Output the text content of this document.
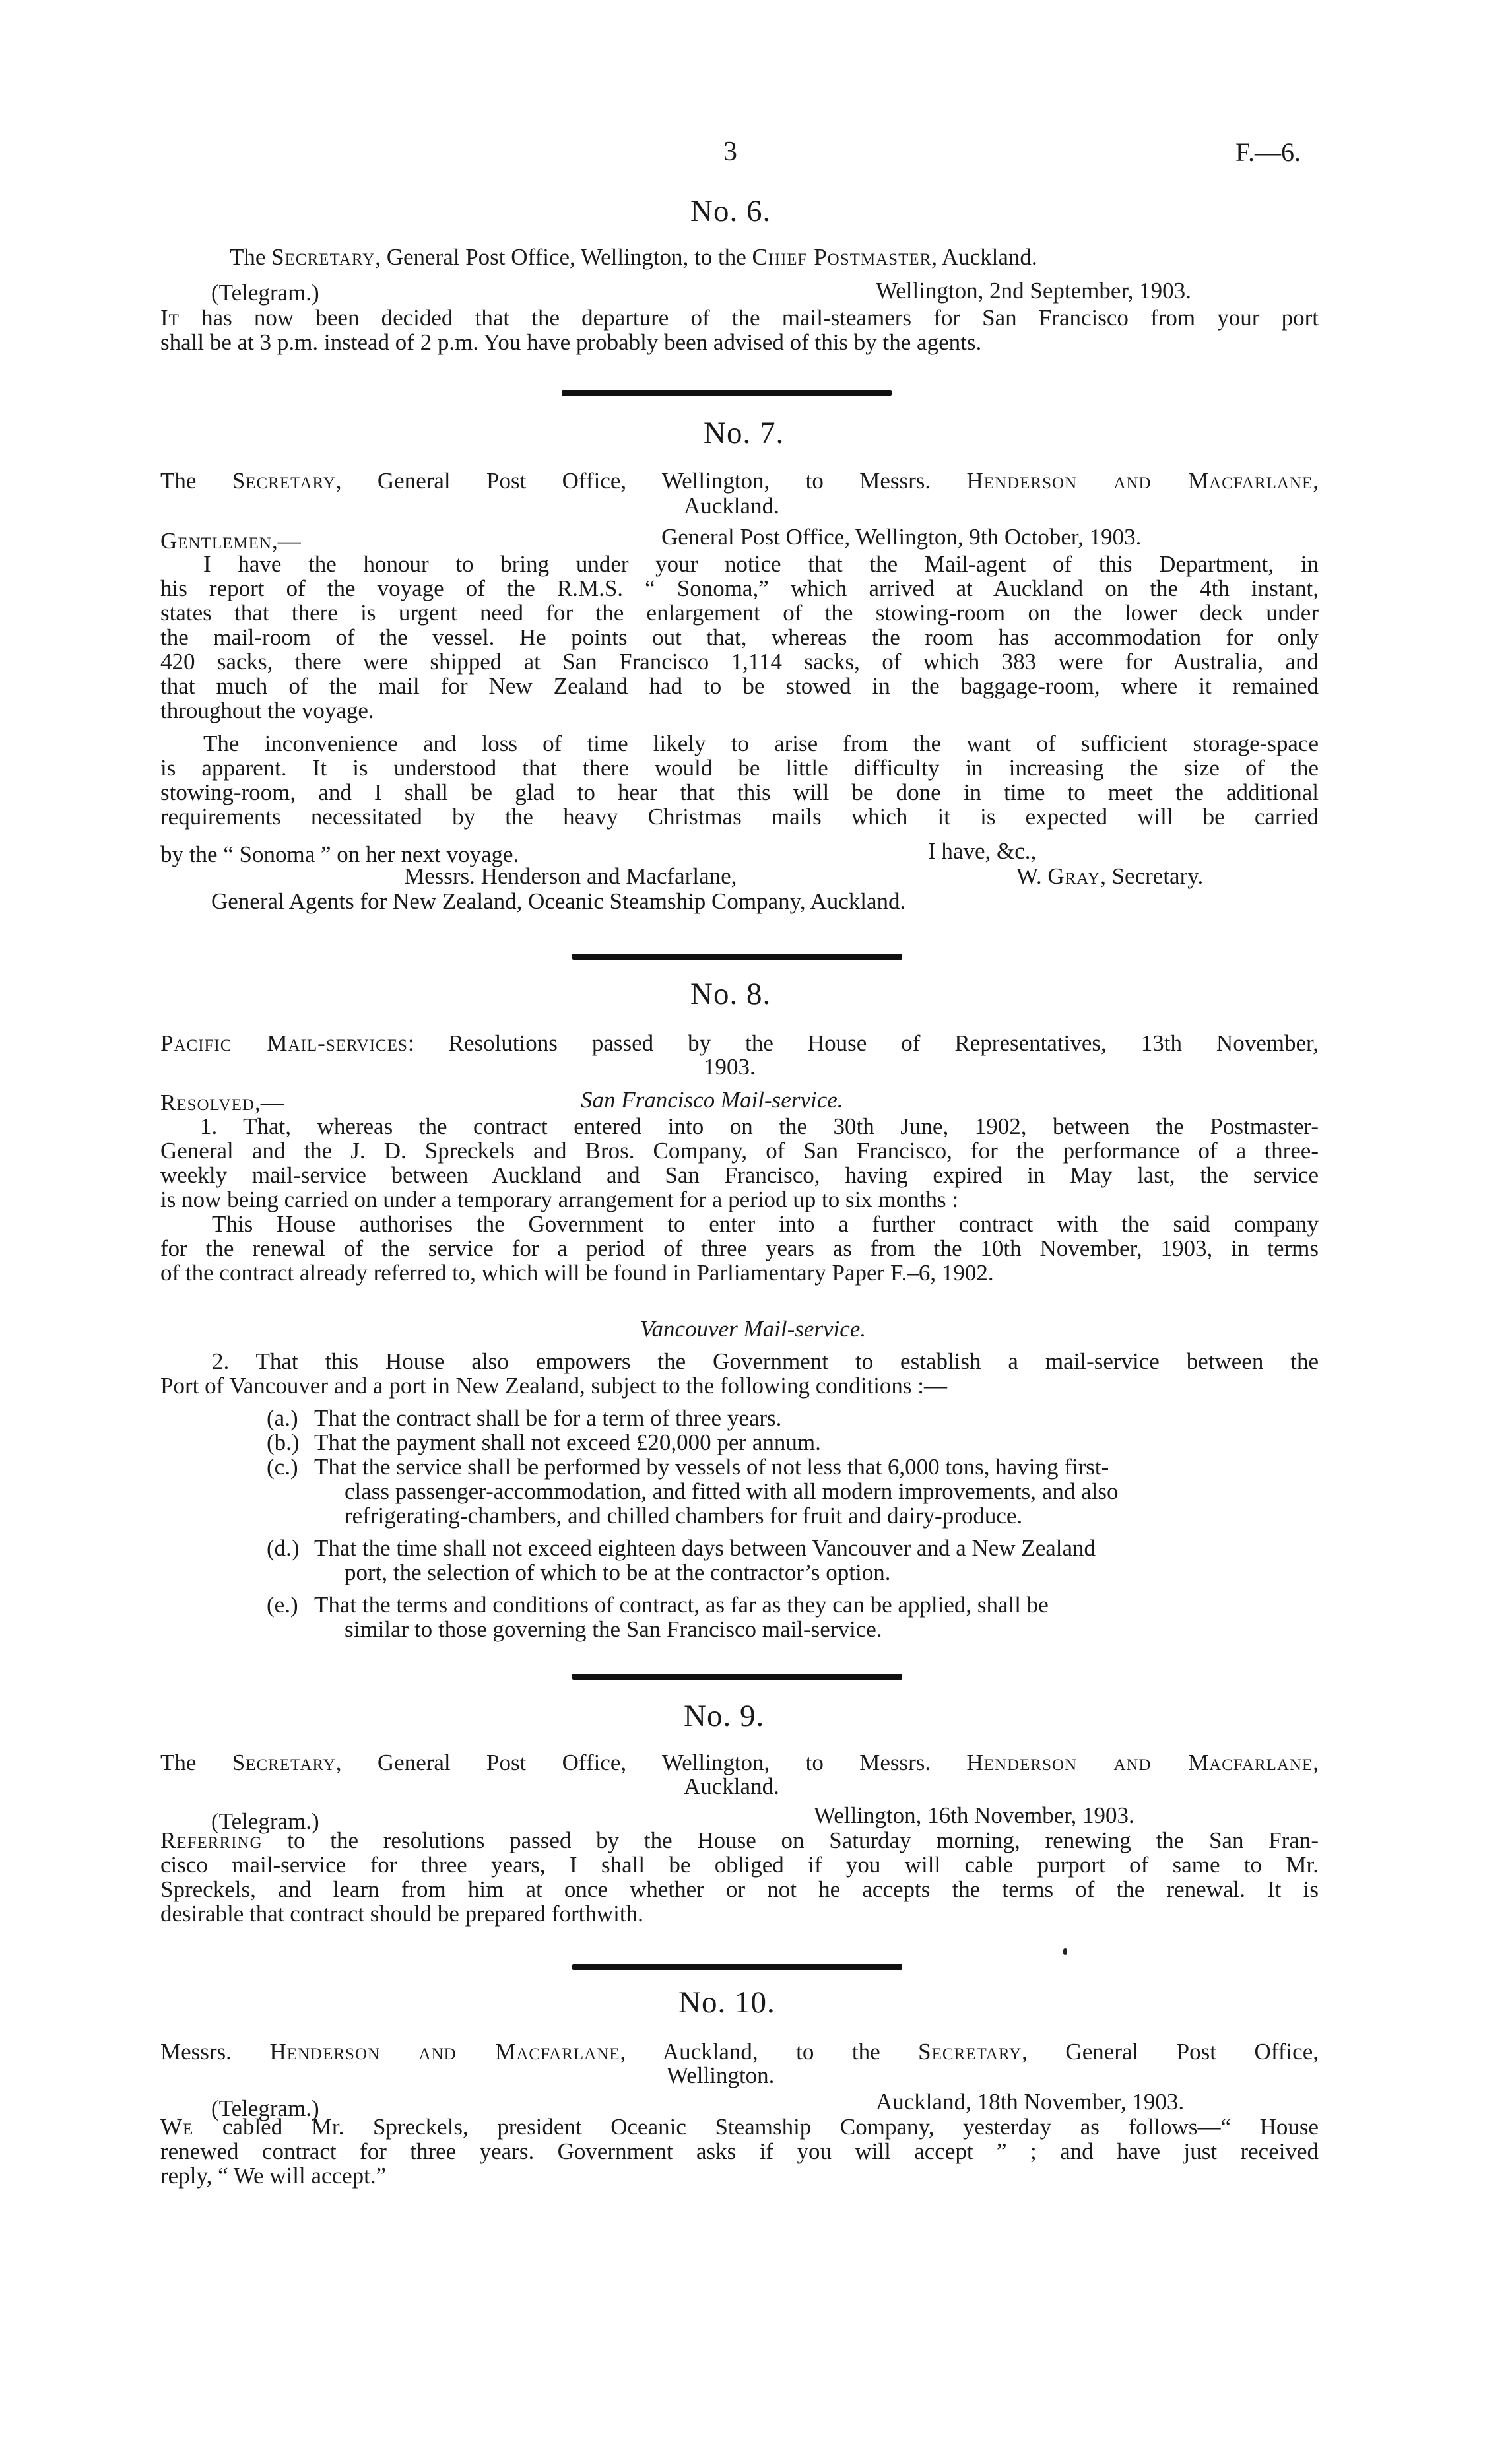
3	F.—6.
No. 6.
The Secretary, General Post Office, Wellington, to the Chief Postmaster, Auckland.
(Telegram.)	Wellington, 2nd September, 1903.
It has now been decided that the departure of the mail-steamers for San Francisco from your port
shall be at 3 p.m. instead of 2 p.m. You have probably been advised of this by the agents.
No. 7.
The Secretary, General Post Office, Wellington, to Messrs. Henderson and Macfarlane,
Auckland.
Gentlemen,—	General Post Office, Wellington, 9th October, 1903.
I have the honour to bring under your notice that the Mail-agent of this Department, in
his report of the voyage of the R.M.S. “ Sonoma,” which arrived at Auckland on the 4th instant,
states that there is urgent need for the enlargement of the stowing-room on the lower deck under
the mail-room of the vessel. He points out that, whereas the room has accommodation for only
420 sacks, there were shipped at San Francisco 1,114 sacks, of which 383 were for Australia, and
that much of the mail for New Zealand had to be stowed in the baggage-room, where it remained
throughout the voyage.
The inconvenience and loss of time likely to arise from the want of sufficient storage-space
is apparent. It is understood that there would be little difficulty in increasing the size of the
stowing-room, and I shall be glad to hear that this will be done in time to meet the additional
requirements necessitated by the heavy Christmas mails which it is expected will be carried
by the “ Sonoma ” on her next voyage.	I have, &c.,
Messrs. Henderson and Macfarlane,	W. Gray, Secretary.
General Agents for New Zealand, Oceanic Steamship Company, Auckland.
No. 8.
Pacific Mail-services: Resolutions passed by the House of Representatives, 13th November,
1903.
Resolved,—	San Francisco Mail-service.
1. That, whereas the contract entered into on the 30th June, 1902, between the Postmaster-
General and the J. D. Spreckels and Bros. Company, of San Francisco, for the performance of a three-
weekly mail-service between Auckland and San Francisco, having expired in May last, the service
is now being carried on under a temporary arrangement for a period up to six months :
This House authorises the Government to enter into a further contract with the said company
for the renewal of the service for a period of three years as from the 10th November, 1903, in terms
of the contract already referred to, which will be found in Parliamentary Paper F.–6, 1902.
Vancouver Mail-service.
2. That this House also empowers the Government to establish a mail-service between the
Port of Vancouver and a port in New Zealand, subject to the following conditions :—
(a.) That the contract shall be for a term of three years.
(b.) That the payment shall not exceed £20,000 per annum.
(c.) That the service shall be performed by vessels of not less that 6,000 tons, having first-
class passenger-accommodation, and fitted with all modern improvements, and also
refrigerating-chambers, and chilled chambers for fruit and dairy-produce.
(d.) That the time shall not exceed eighteen days between Vancouver and a New Zealand
port, the selection of which to be at the contractor’s option.
(e.) That the terms and conditions of contract, as far as they can be applied, shall be
similar to those governing the San Francisco mail-service.
No. 9.
The Secretary, General Post Office, Wellington, to Messrs. Henderson and Macfarlane,
Auckland.
(Telegram.)	Wellington, 16th November, 1903.
Referring to the resolutions passed by the House on Saturday morning, renewing the San Fran-
cisco mail-service for three years, I shall be obliged if you will cable purport of same to Mr.
Spreckels, and learn from him at once whether or not he accepts the terms of the renewal. It is
desirable that contract should be prepared forthwith.
No. 10.
Messrs. Henderson and Macfarlane, Auckland, to the Secretary, General Post Office,
Wellington.
(Telegram.)	Auckland, 18th November, 1903.
We cabled Mr. Spreckels, president Oceanic Steamship Company, yesterday as follows—“ House
renewed contract for three years. Government asks if you will accept ” ; and have just received
reply, “ We will accept.”
